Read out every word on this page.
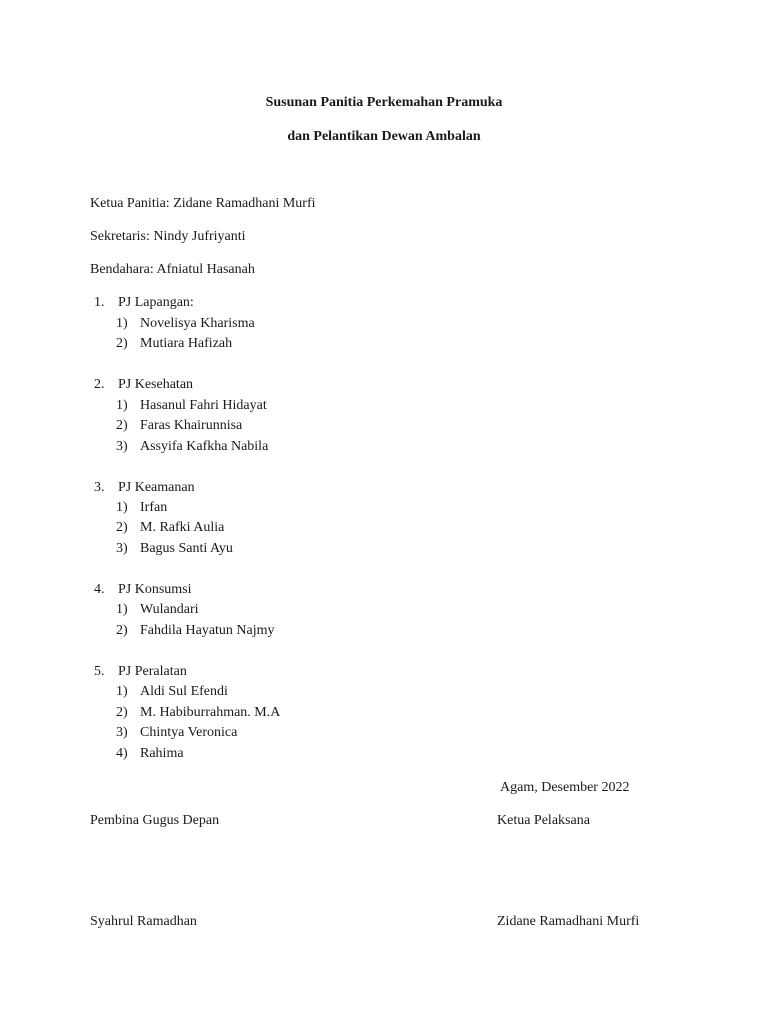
Susunan Panitia Perkemahan Pramuka
dan Pelantikan Dewan Ambalan
Ketua Panitia: Zidane Ramadhani Murfi
Sekretaris: Nindy Jufriyanti
Bendahara: Afniatul Hasanah
1. PJ Lapangan:
1) Novelisya Kharisma
2) Mutiara Hafizah
2. PJ Kesehatan
1) Hasanul Fahri Hidayat
2) Faras Khairunnisa
3) Assyifa Kafkha Nabila
3. PJ Keamanan
1) Irfan
2) M. Rafki Aulia
3) Bagus Santi Ayu
4. PJ Konsumsi
1) Wulandari
2) Fahdila Hayatun Najmy
5. PJ Peralatan
1) Aldi Sul Efendi
2) M. Habiburrahman. M.A
3) Chintya Veronica
4) Rahima
Agam, Desember 2022
Pembina Gugus Depan	Ketua Pelaksana
Syahrul Ramadhan	Zidane Ramadhani Murfi
